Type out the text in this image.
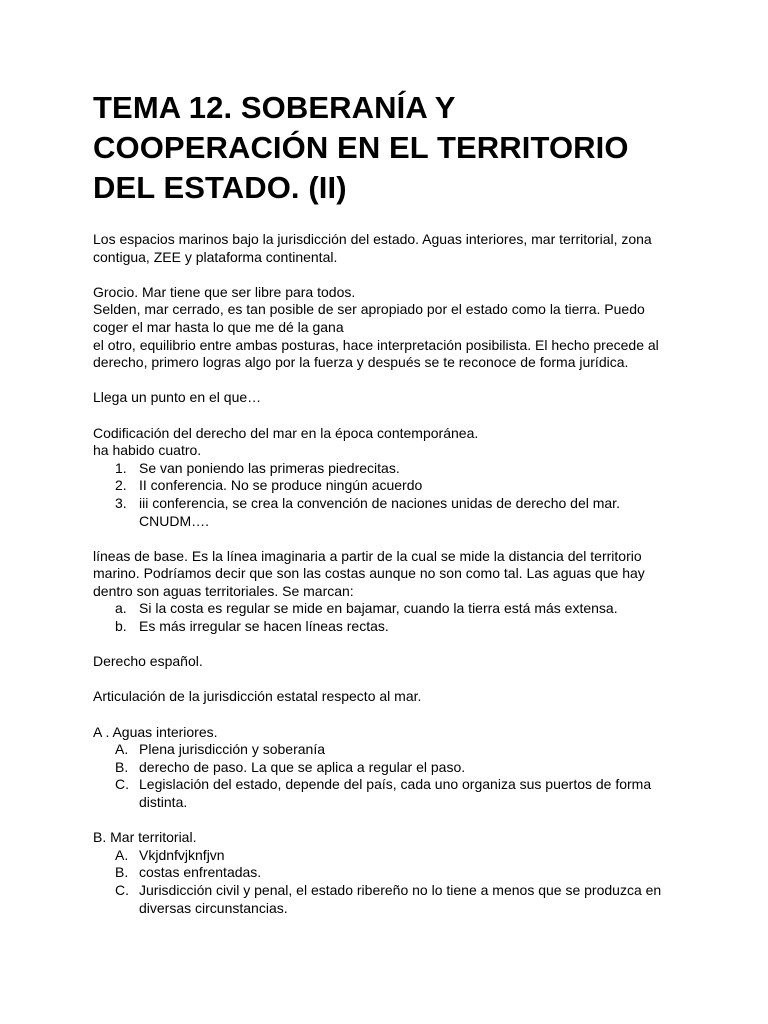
TEMA 12. SOBERANÍA Y COOPERACIÓN EN EL TERRITORIO DEL ESTADO. (II)

Los espacios marinos bajo la jurisdicción del estado. Aguas interiores, mar territorial, zona contigua, ZEE y plataforma continental.

Grocio. Mar tiene que ser libre para todos.

Selden, mar cerrado, es tan posible de ser apropiado por el estado como la tierra. Puedo coger el mar hasta lo que me dé la gana

el otro, equilibrio entre ambas posturas, hace interpretación posibilista. El hecho precede al derecho, primero logras algo por la fuerza y después se te reconoce de forma jurídica.

Llega un punto en el que…

Codificación del derecho del mar en la época contemporánea.

ha habido cuatro.

1. Se van poniendo las primeras piedrecitas.
2. II conferencia. No se produce ningún acuerdo
3. iii conferencia, se crea la convención de naciones unidas de derecho del mar. CNUDM….

líneas de base. Es la línea imaginaria a partir de la cual se mide la distancia del territorio marino. Podríamos decir que son las costas aunque no son como tal. Las aguas que hay dentro son aguas territoriales. Se marcan:

a. Si la costa es regular se mide en bajamar, cuando la tierra está más extensa.
b. Es más irregular se hacen líneas rectas.

Derecho español.

Articulación de la jurisdicción estatal respecto al mar.

A . Aguas interiores.

A. Plena jurisdicción y soberanía
B. derecho de paso. La que se aplica a regular el paso.
C. Legislación del estado, depende del país, cada uno organiza sus puertos de forma distinta.

B. Mar territorial.

A. Vkjdnfvjknfjvn
B. costas enfrentadas.
C. Jurisdicción civil y penal, el estado ribereño no lo tiene a menos que se produzca en diversas circunstancias.
